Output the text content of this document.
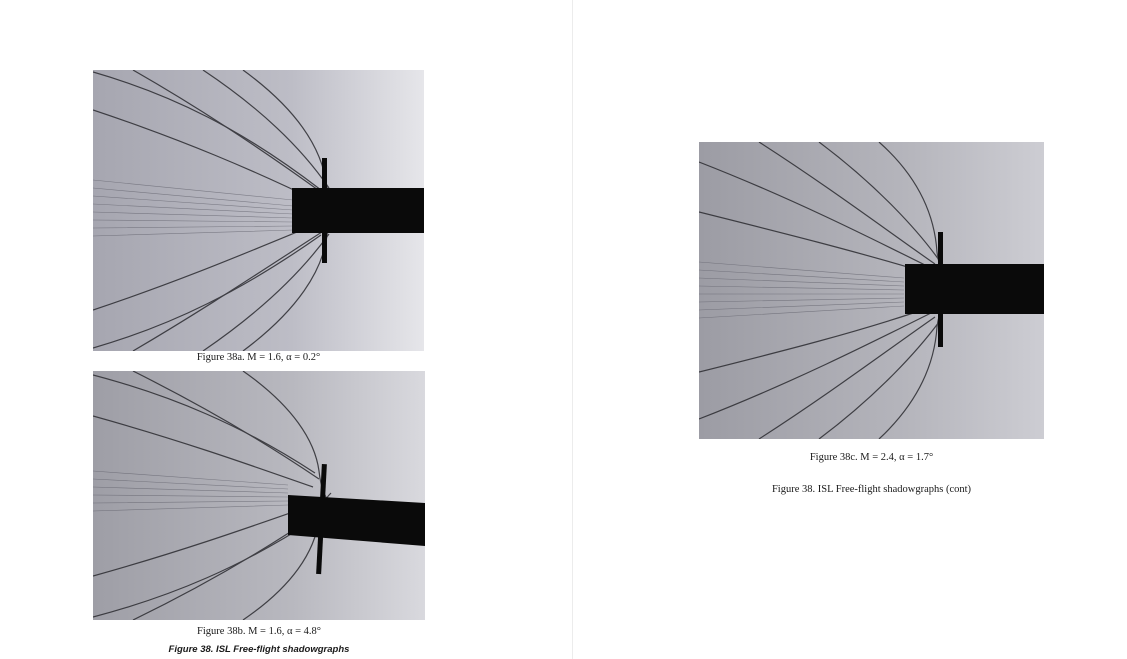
Figure 38a. M = 1.6, α = 0.2°
Figure 38b. M = 1.6, α = 4.8°
Figure 38. ISL Free-flight shadowgraphs
Figure 38c. M = 2.4, α = 1.7°
Figure 38. ISL Free-flight shadowgraphs (cont)
